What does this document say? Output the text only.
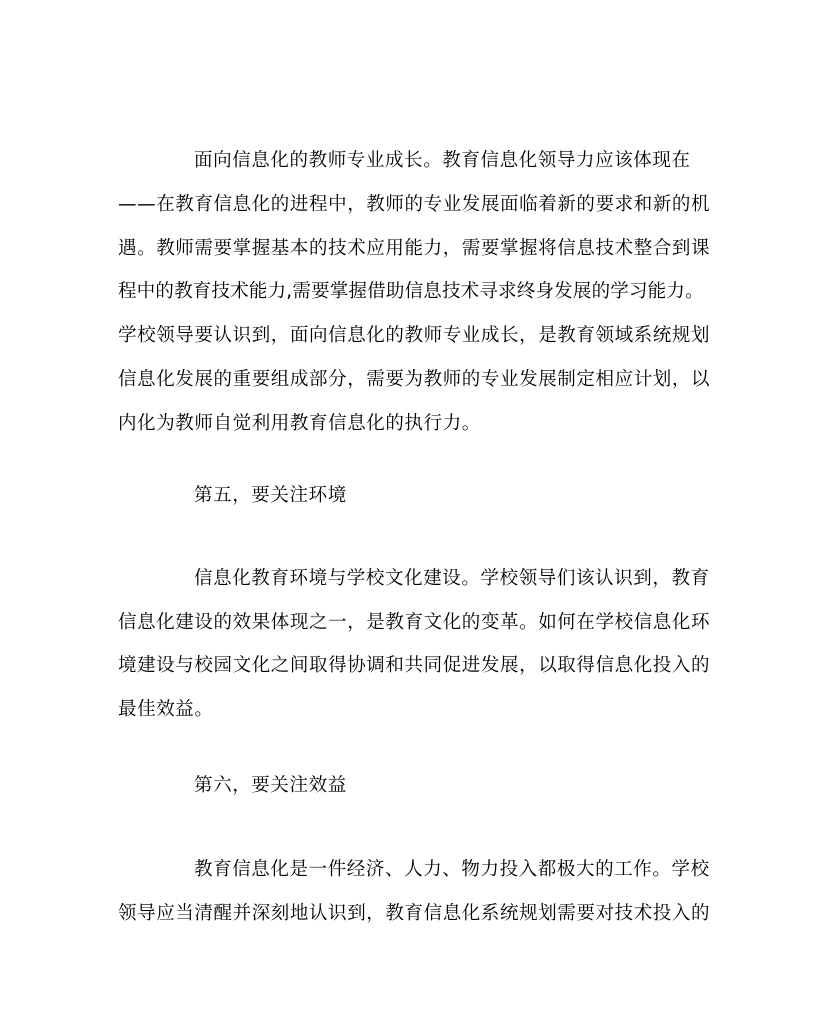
面向信息化的教师专业成长。教育信息化领导力应该体现在
——在教育信息化的进程中，教师的专业发展面临着新的要求和新的机
遇。教师需要掌握基本的技术应用能力，需要掌握将信息技术整合到课
程中的教育技术能力,需要掌握借助信息技术寻求终身发展的学习能力。
学校领导要认识到，面向信息化的教师专业成长，是教育领域系统规划
信息化发展的重要组成部分，需要为教师的专业发展制定相应计划，以
内化为教师自觉利用教育信息化的执行力。
第五，要关注环境
信息化教育环境与学校文化建设。学校领导们该认识到，教育
信息化建设的效果体现之一，是教育文化的变革。如何在学校信息化环
境建设与校园文化之间取得协调和共同促进发展，以取得信息化投入的
最佳效益。
第六，要关注效益
教育信息化是一件经济、人力、物力投入都极大的工作。学校
领导应当清醒并深刻地认识到，教育信息化系统规划需要对技术投入的
